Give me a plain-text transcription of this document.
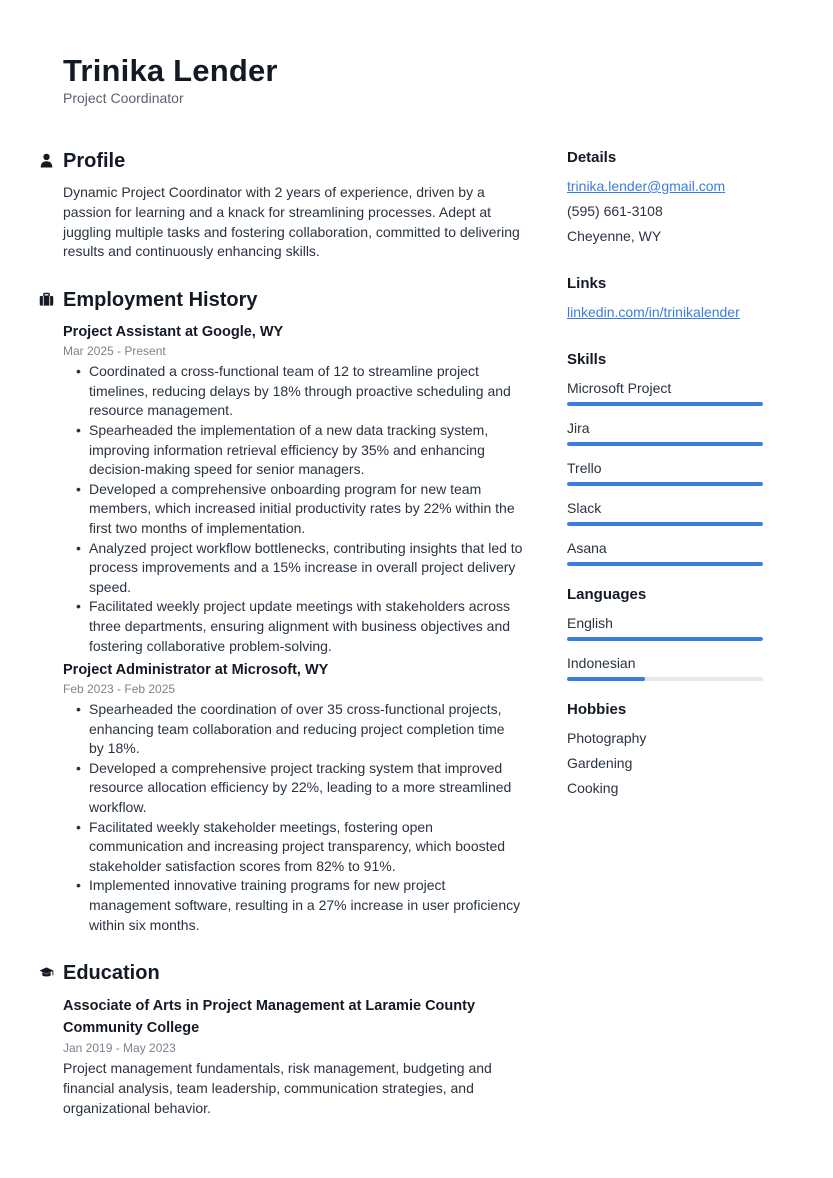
Trinika Lender
Project Coordinator
Profile
Dynamic Project Coordinator with 2 years of experience, driven by a passion for learning and a knack for streamlining processes. Adept at juggling multiple tasks and fostering collaboration, committed to delivering results and continuously enhancing skills.
Employment History
Project Assistant at Google, WY
Mar 2025 - Present
• Coordinated a cross-functional team of 12 to streamline project timelines, reducing delays by 18% through proactive scheduling and resource management.
• Spearheaded the implementation of a new data tracking system, improving information retrieval efficiency by 35% and enhancing decision-making speed for senior managers.
• Developed a comprehensive onboarding program for new team members, which increased initial productivity rates by 22% within the first two months of implementation.
• Analyzed project workflow bottlenecks, contributing insights that led to process improvements and a 15% increase in overall project delivery speed.
• Facilitated weekly project update meetings with stakeholders across three departments, ensuring alignment with business objectives and fostering collaborative problem-solving.
Project Administrator at Microsoft, WY
Feb 2023 - Feb 2025
• Spearheaded the coordination of over 35 cross-functional projects, enhancing team collaboration and reducing project completion time by 18%.
• Developed a comprehensive project tracking system that improved resource allocation efficiency by 22%, leading to a more streamlined workflow.
• Facilitated weekly stakeholder meetings, fostering open communication and increasing project transparency, which boosted stakeholder satisfaction scores from 82% to 91%.
• Implemented innovative training programs for new project management software, resulting in a 27% increase in user proficiency within six months.
Education
Associate of Arts in Project Management at Laramie County Community College
Jan 2019 - May 2023
Project management fundamentals, risk management, budgeting and financial analysis, team leadership, communication strategies, and organizational behavior.
Details
trinika.lender@gmail.com
(595) 661-3108
Cheyenne, WY
Links
linkedin.com/in/trinikalender
Skills
Microsoft Project
Jira
Trello
Slack
Asana
Languages
English
Indonesian
Hobbies
Photography
Gardening
Cooking
